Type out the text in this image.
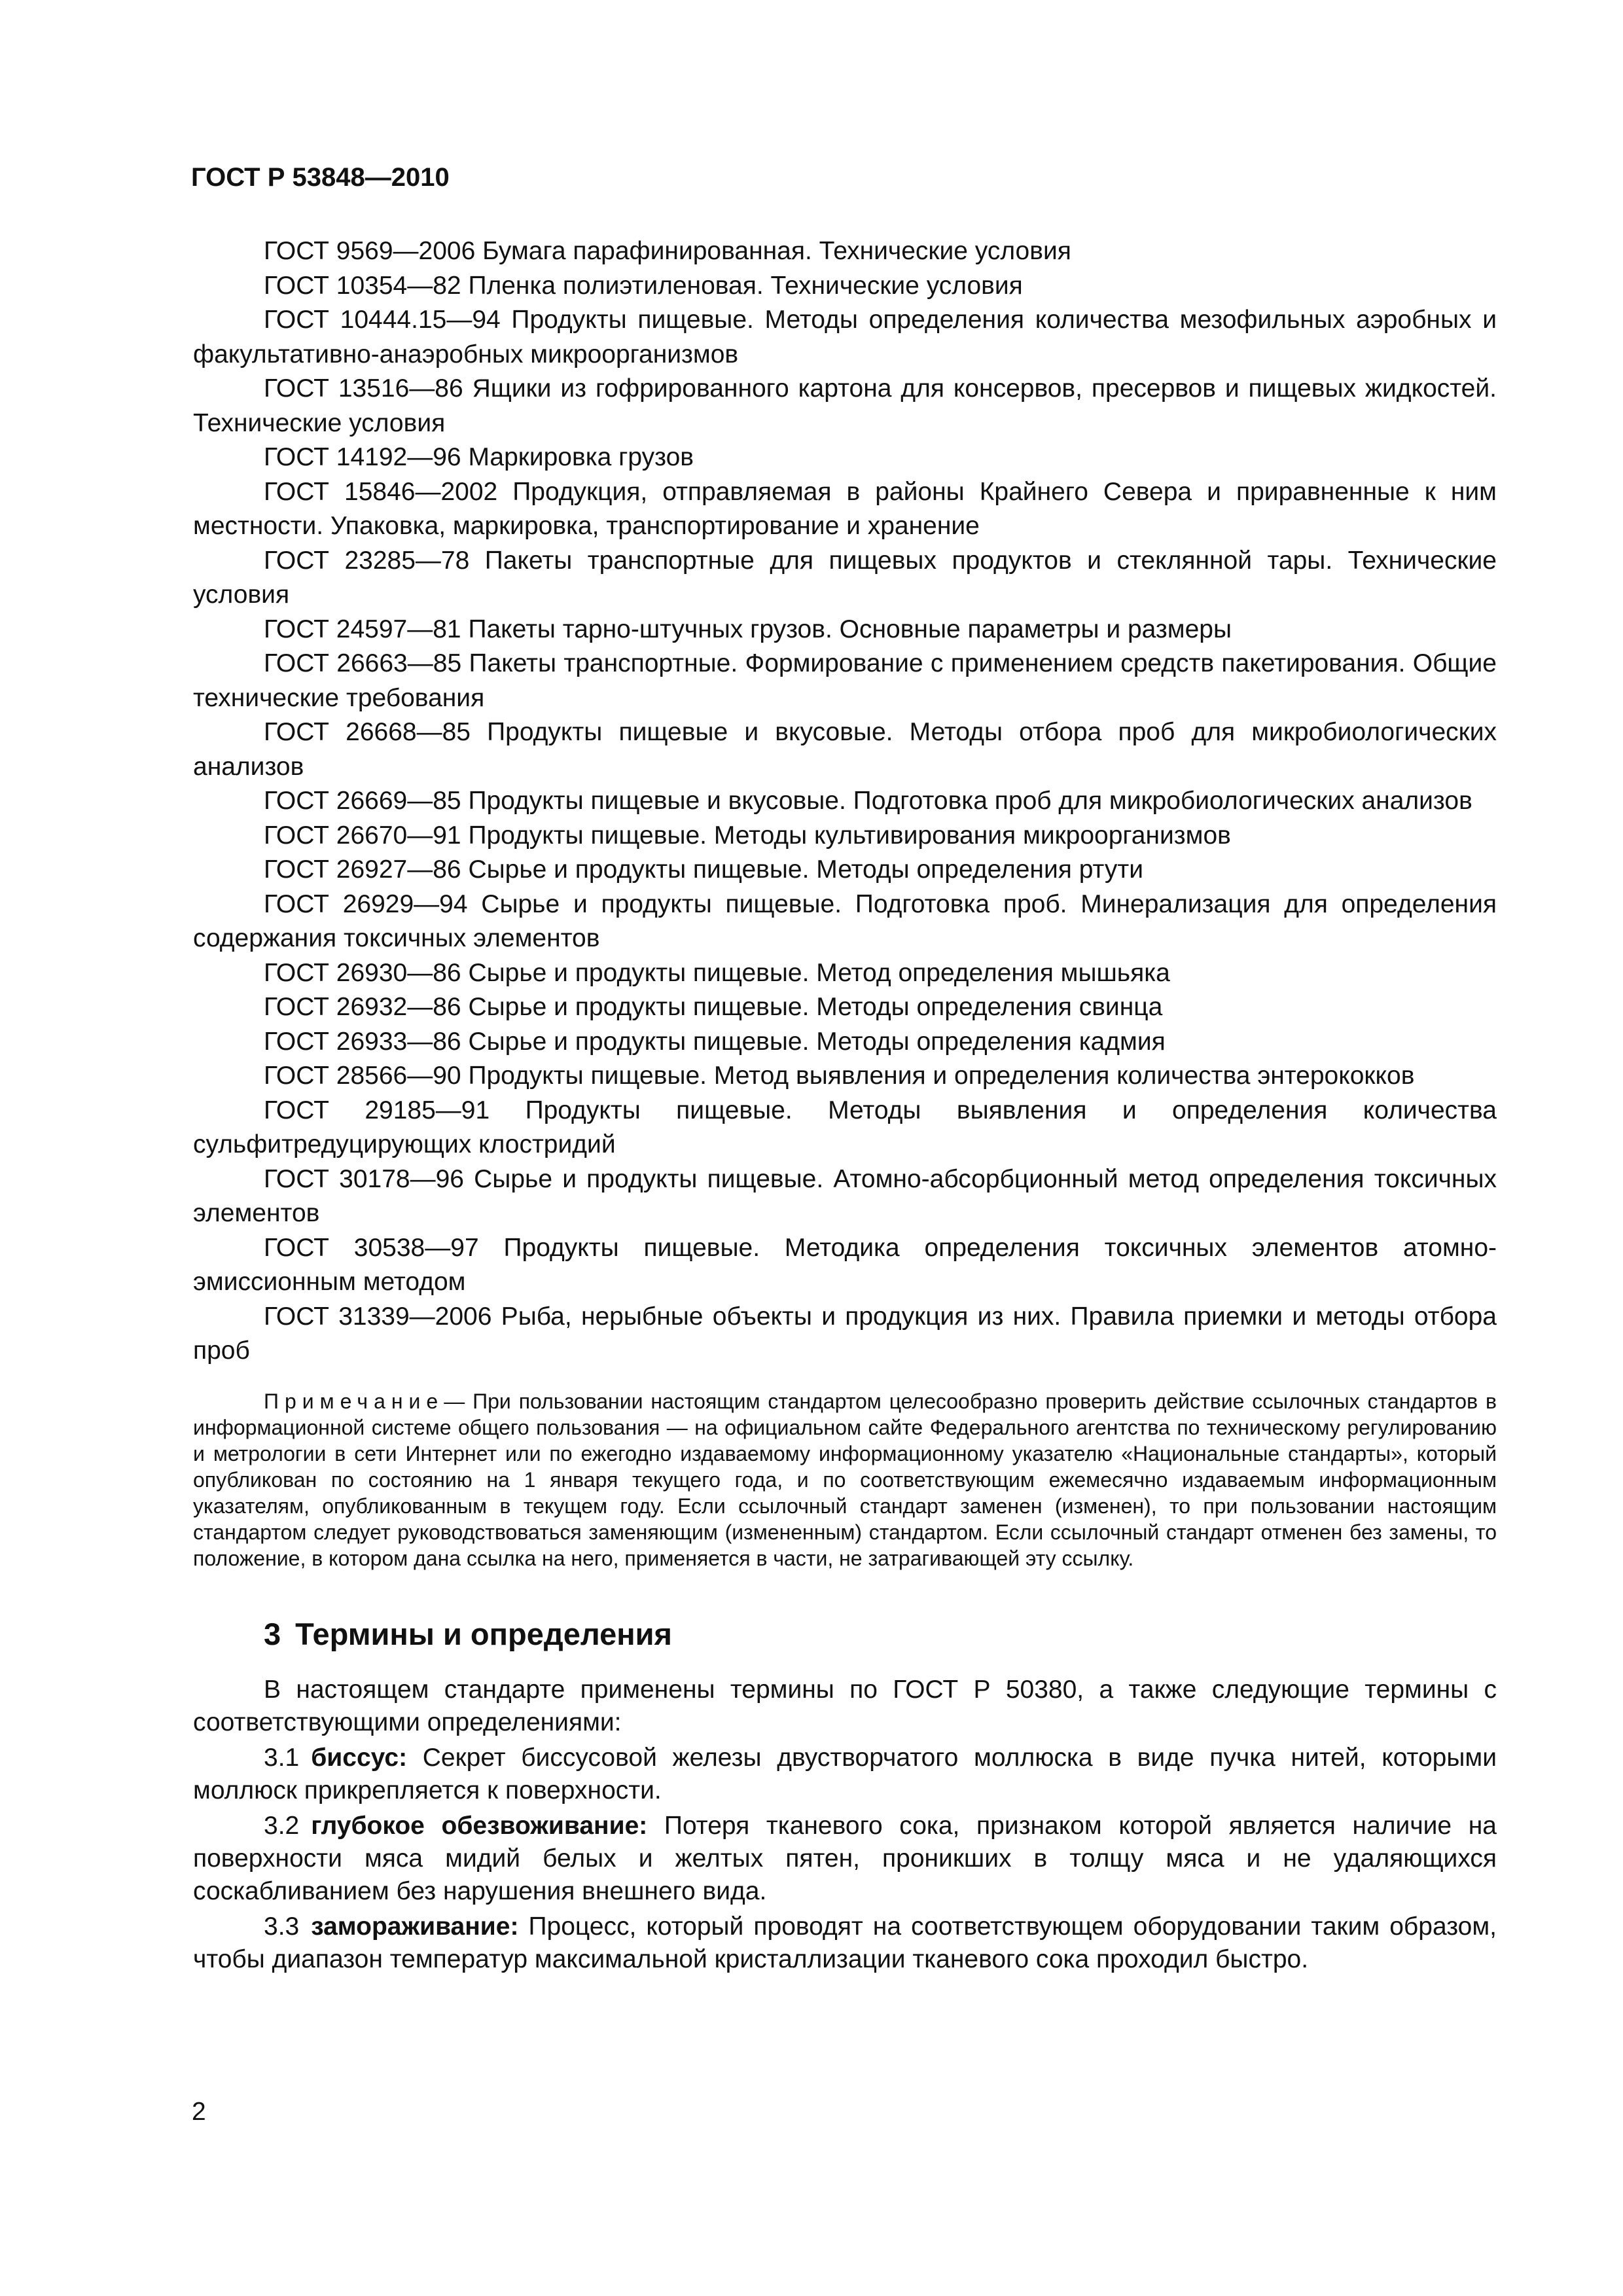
ГОСТ Р 53848—2010

ГОСТ 9569—2006 Бумага парафинированная. Технические условия

ГОСТ 10354—82 Пленка полиэтиленовая. Технические условия

ГОСТ 10444.15—94 Продукты пищевые. Методы определения количества мезофильных аэробных и факультативно-анаэробных микроорганизмов

ГОСТ 13516—86 Ящики из гофрированного картона для консервов, пресервов и пищевых жидкостей. Технические условия

ГОСТ 14192—96 Маркировка грузов

ГОСТ 15846—2002 Продукция, отправляемая в районы Крайнего Севера и приравненные к ним местности. Упаковка, маркировка, транспортирование и хранение

ГОСТ 23285—78 Пакеты транспортные для пищевых продуктов и стеклянной тары. Технические условия

ГОСТ 24597—81 Пакеты тарно-штучных грузов. Основные параметры и размеры

ГОСТ 26663—85 Пакеты транспортные. Формирование с применением средств пакетирования. Общие технические требования

ГОСТ 26668—85 Продукты пищевые и вкусовые. Методы отбора проб для микробиологических анализов

ГОСТ 26669—85 Продукты пищевые и вкусовые. Подготовка проб для микробиологических анализов

ГОСТ 26670—91 Продукты пищевые. Методы культивирования микроорганизмов

ГОСТ 26927—86 Сырье и продукты пищевые. Методы определения ртути

ГОСТ 26929—94 Сырье и продукты пищевые. Подготовка проб. Минерализация для определения содержания токсичных элементов

ГОСТ 26930—86 Сырье и продукты пищевые. Метод определения мышьяка

ГОСТ 26932—86 Сырье и продукты пищевые. Методы определения свинца

ГОСТ 26933—86 Сырье и продукты пищевые. Методы определения кадмия

ГОСТ 28566—90 Продукты пищевые. Метод выявления и определения количества энтерококков

ГОСТ 29185—91 Продукты пищевые. Методы выявления и определения количества сульфитредуцирующих клостридий

ГОСТ 30178—96 Сырье и продукты пищевые. Атомно-абсорбционный метод определения токсичных элементов

ГОСТ 30538—97 Продукты пищевые. Методика определения токсичных элементов атомно-эмиссионным методом

ГОСТ 31339—2006 Рыба, нерыбные объекты и продукция из них. Правила приемки и методы отбора проб

Примечание— При пользовании настоящим стандартом целесообразно проверить действие ссылочных стандартов в информационной системе общего пользования — на официальном сайте Федерального агентства по техническому регулированию и метрологии в сети Интернет или по ежегодно издаваемому информационному указателю «Национальные стандарты», который опубликован по состоянию на 1 января текущего года, и по соответствующим ежемесячно издаваемым информационным указателям, опубликованным в текущем году. Если ссылочный стандарт заменен (изменен), то при пользовании настоящим стандартом следует руководствоваться заменяющим (измененным) стандартом. Если ссылочный стандарт отменен без замены, то положение, в котором дана ссылка на него, применяется в части, не затрагивающей эту ссылку.

3 Термины и определения

В настоящем стандарте применены термины по ГОСТ Р 50380, а также следующие термины с соответствующими определениями:

3.1 биссус: Секрет биссусовой железы двустворчатого моллюска в виде пучка нитей, которыми моллюск прикрепляется к поверхности.

3.2 глубокое обезвоживание: Потеря тканевого сока, признаком которой является наличие на поверхности мяса мидий белых и желтых пятен, проникших в толщу мяса и не удаляющихся соскабливанием без нарушения внешнего вида.

3.3 замораживание: Процесс, который проводят на соответствующем оборудовании таким образом, чтобы диапазон температур максимальной кристаллизации тканевого сока проходил быстро.

2
